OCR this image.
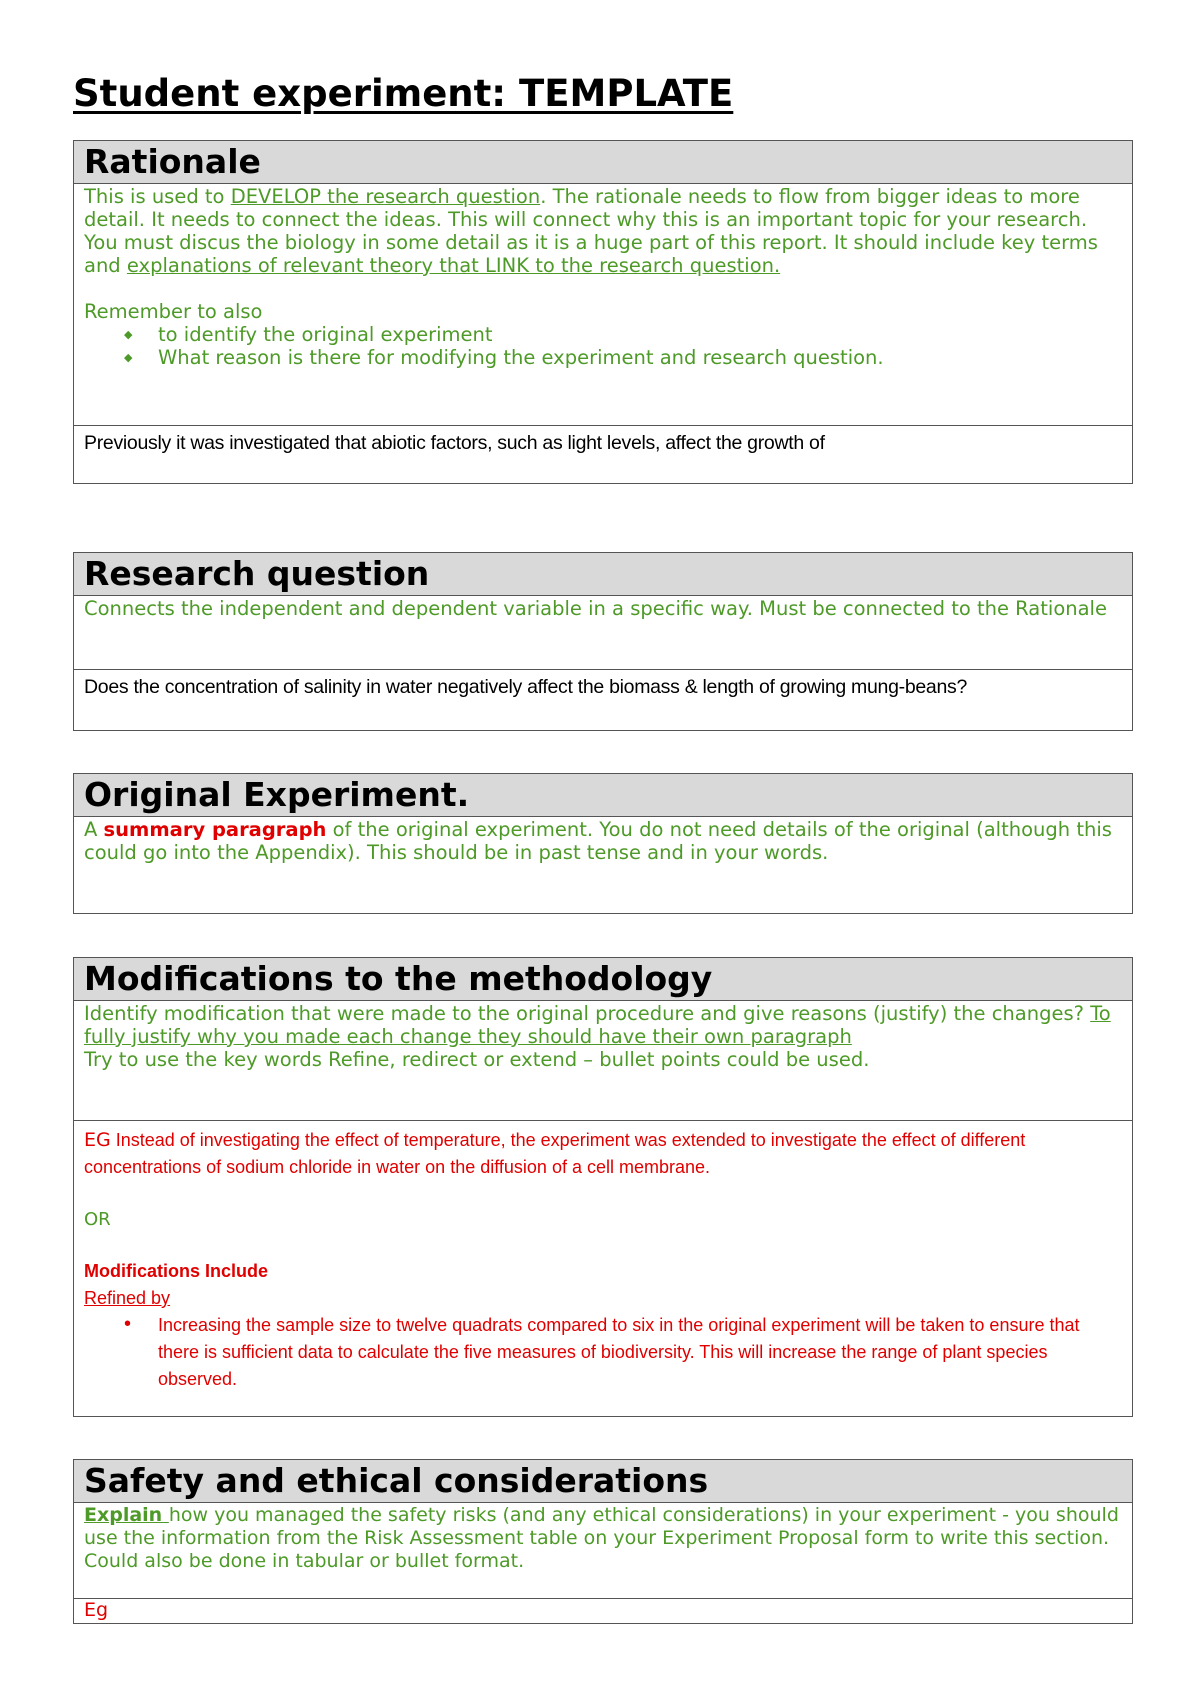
Student experiment: TEMPLATE
Rationale

This is used to DEVELOP the research question. The rationale needs to flow from bigger ideas to more detail. It needs to connect the ideas. This will connect why this is an important topic for your research. You must discus the biology in some detail as it is a huge part of this report. It should include key terms and explanations of relevant theory that LINK to the research question.

Remember to also

◆ to identify the original experiment
◆ What reason is there for modifying the experiment and research question.
Previously it was investigated that abiotic factors, such as light levels, affect the growth of
Research question

Connects the independent and dependent variable in a specific way. Must be connected to the Rationale

Does the concentration of salinity in water negatively affect the biomass & length of growing mung-beans?
Original Experiment.

A summary paragraph of the original experiment. You do not need details of the original (although this could go into the Appendix). This should be in past tense and in your words.

Modifications to the methodology

Identify modification that were made to the original procedure and give reasons (justify) the changes? To fully justify why you made each change they should have their own paragraph

Try to use the key words Refine, redirect or extend – bullet points could be used.

EG Instead of investigating the effect of temperature, the experiment was extended to investigate the effect of different concentrations of sodium chloride in water on the diffusion of a cell membrane.

OR

Modifications Include

Refined by

• Increasing the sample size to twelve quadrats compared to six in the original experiment will be taken to ensure that there is sufficient data to calculate the five measures of biodiversity. This will increase the range of plant species observed.
Safety and ethical considerations

Explain how you managed the safety risks (and any ethical considerations) in your experiment - you should use the information from the Risk Assessment table on your Experiment Proposal form to write this section.

Could also be done in tabular or bullet format.

Eg
